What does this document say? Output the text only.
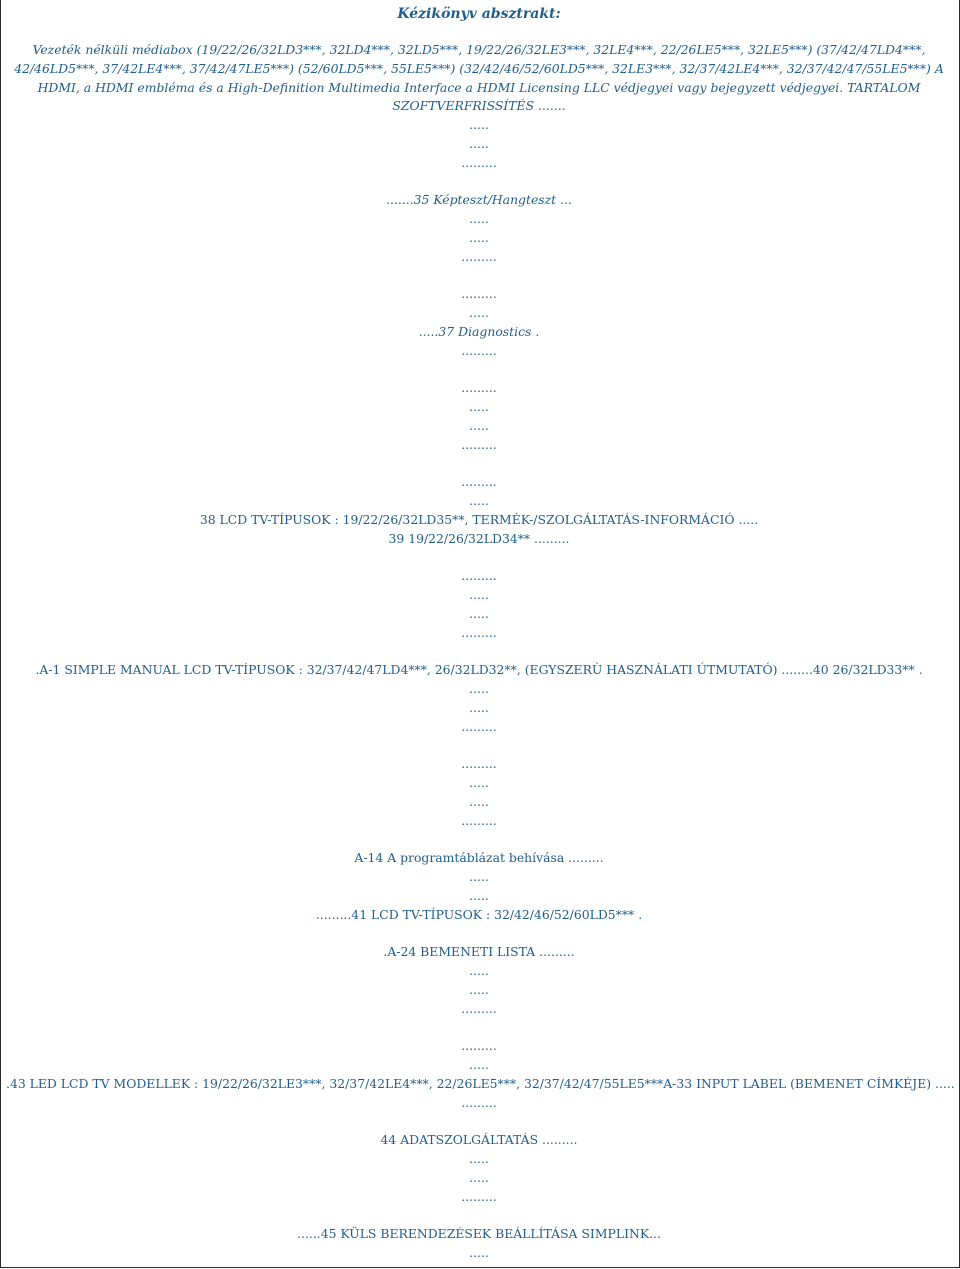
Kézikönyv absztrakt:
Vezeték nélküli médiabox (19/22/26/32LD3***, 32LD4***, 32LD5***, 19/22/26/32LE3***, 32LE4***, 22/26LE5***, 32LE5***) (37/42/47LD4***, 42/46LD5***, 37/42LE4***, 37/42/47LE5***) (52/60LD5***, 55LE5***) (32/42/46/52/60LD5***, 32LE3***, 32/37/42LE4***, 32/37/42/47/55LE5***) A HDMI, a HDMI embléma és a High-Definition Multimedia Interface a HDMI Licensing LLC védjegyei vagy bejegyzett védjegyei. TARTALOM SZOFTVERFRISSÍTÉS .......
.....
.....
.........
.......35 Képteszt/Hangteszt ...
.....
.....
.........
.........
.....
.....37 Diagnostics .
.........
.........
.....
.....
.........
.........
.....
38 LCD TV-TÍPUSOK : 19/22/26/32LD35**, TERMÉK-/SZOLGÁLTATÁS-INFORMÁCIÓ .....
39 19/22/26/32LD34** .........
.........
.....
.....
.........
.A-1 SIMPLE MANUAL LCD TV-TÍPUSOK : 32/37/42/47LD4***, 26/32LD32**, (EGYSZERÙ HASZNÁLATI ÚTMUTATÓ) ........40 26/32LD33** .
.....
.....
.........
.........
.....
.....
.........
A-14 A programtáblázat behívása .........
.....
.....
.........41 LCD TV-TÍPUSOK : 32/42/46/52/60LD5*** .
.A-24 BEMENETI LISTA .........
.....
.....
.........
.........
.....
.43 LED LCD TV MODELLEK : 19/22/26/32LE3***, 32/37/42LE4***, 22/26LE5***, 32/37/42/47/55LE5***A-33 INPUT LABEL (BEMENET CÍMKÉJE) .....
.........
44 ADATSZOLGÁLTATÁS .........
.....
.....
.........
......45 KÜLS BERENDEZÉSEK BEÁLLÍTÁSA SIMPLINK...
.....
